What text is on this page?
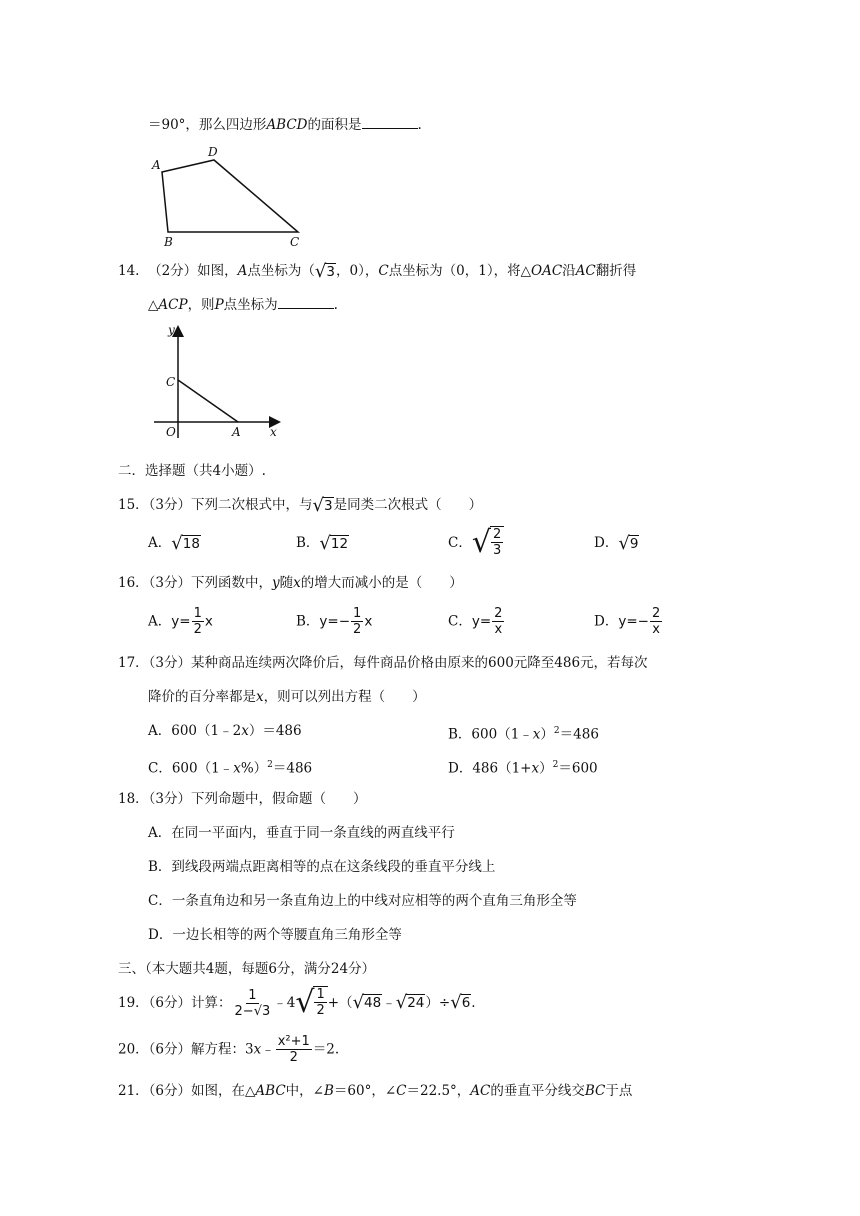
＝90°，那么四边形ABCD的面积是	.
A
D
B	C
14. （2分）如图，A点坐标为（ √ 3 ，0），C点坐标为（0，1），将△OAC沿AC翻折得
△ACP，则P点坐标为	.
y
C
O	A x
二．选择题（共4小题）.
15．（3分）下列二次根式中，与 √ 3 是同类二次根式（　　）
A． √ 18	B． √ 12	C． √ $\frac{2}{3}$	D． √ 9
16．（3分）下列函数中，y随x的增大而减小的是（　　）
A．$y= \frac{1}{2}$ x	B．$y=- \frac{1}{2}$ x	C．$y= \frac{2}{x}$	D．$y=- \frac{2}{x}$
17．（3分）某种商品连续两次降价后，每件商品价格由原来的600元降至486元，若每次
降价的百分率都是x，则可以列出方程（　　）
A．600（1﹣2x）＝486	B．600（1﹣x）$^2$＝486
C．600（1﹣x%）$^2$＝486	D．$486(1+x)^2=600$
18．（3分）下列命题中，假命题（　　）
A．在同一平面内，垂直于同一条直线的两直线平行
B．到线段两端点距离相等的点在这条线段的垂直平分线上
C．一条直角边和另一条直角边上的中线对应相等的两个直角三角形全等
D．一边长相等的两个等腰直角三角形全等
三、（本大题共4题，每题6分，满分24分）
19．（6分）计算： $\frac{1}{2-√3}$ ﹣4 √ $\frac{1}{2}$ +（ √ 48 ﹣ √ 24 ）÷ √ 6 .
20．（6分）解方程：3x﹣ $\frac{\text{x²+1}}{2} =2$.
21．（6分）如图，在△ABC中，∠B＝60°，∠C＝22.5°，AC的垂直平分线交BC于点
